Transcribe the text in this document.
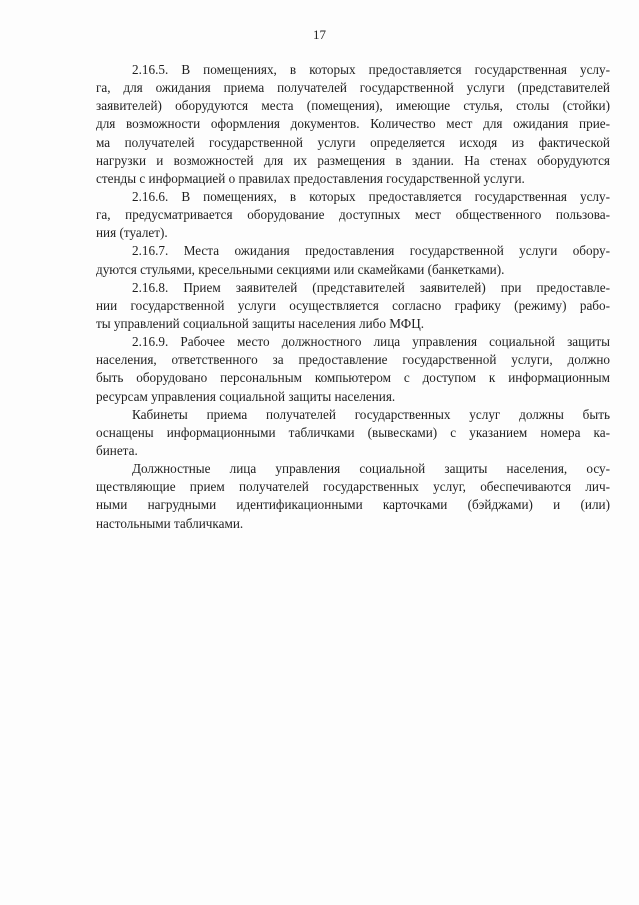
17
2.16.5. В помещениях, в которых предоставляется государственная услу-
га, для ожидания приема получателей государственной услуги (представителей
заявителей) оборудуются места (помещения), имеющие стулья, столы (стойки)
для возможности оформления документов. Количество мест для ожидания прие-
ма получателей государственной услуги определяется исходя из фактической
нагрузки и возможностей для их размещения в здании. На стенах оборудуются
стенды с информацией о правилах предоставления государственной услуги.
2.16.6. В помещениях, в которых предоставляется государственная услу-
га, предусматривается оборудование доступных мест общественного пользова-
ния (туалет).
2.16.7. Места ожидания предоставления государственной услуги обору-
дуются стульями, кресельными секциями или скамейками (банкетками).
2.16.8. Прием заявителей (представителей заявителей) при предоставле-
нии государственной услуги осуществляется согласно графику (режиму) рабо-
ты управлений социальной защиты населения либо МФЦ.
2.16.9. Рабочее место должностного лица управления социальной защиты
населения, ответственного за предоставление государственной услуги, должно
быть оборудовано персональным компьютером с доступом к информационным
ресурсам управления социальной защиты населения.
Кабинеты приема получателей государственных услуг должны быть
оснащены информационными табличками (вывесками) с указанием номера ка-
бинета.
Должностные лица управления социальной защиты населения, осу-
ществляющие прием получателей государственных услуг, обеспечиваются лич-
ными нагрудными идентификационными карточками (бэйджами) и (или)
настольными табличками.
